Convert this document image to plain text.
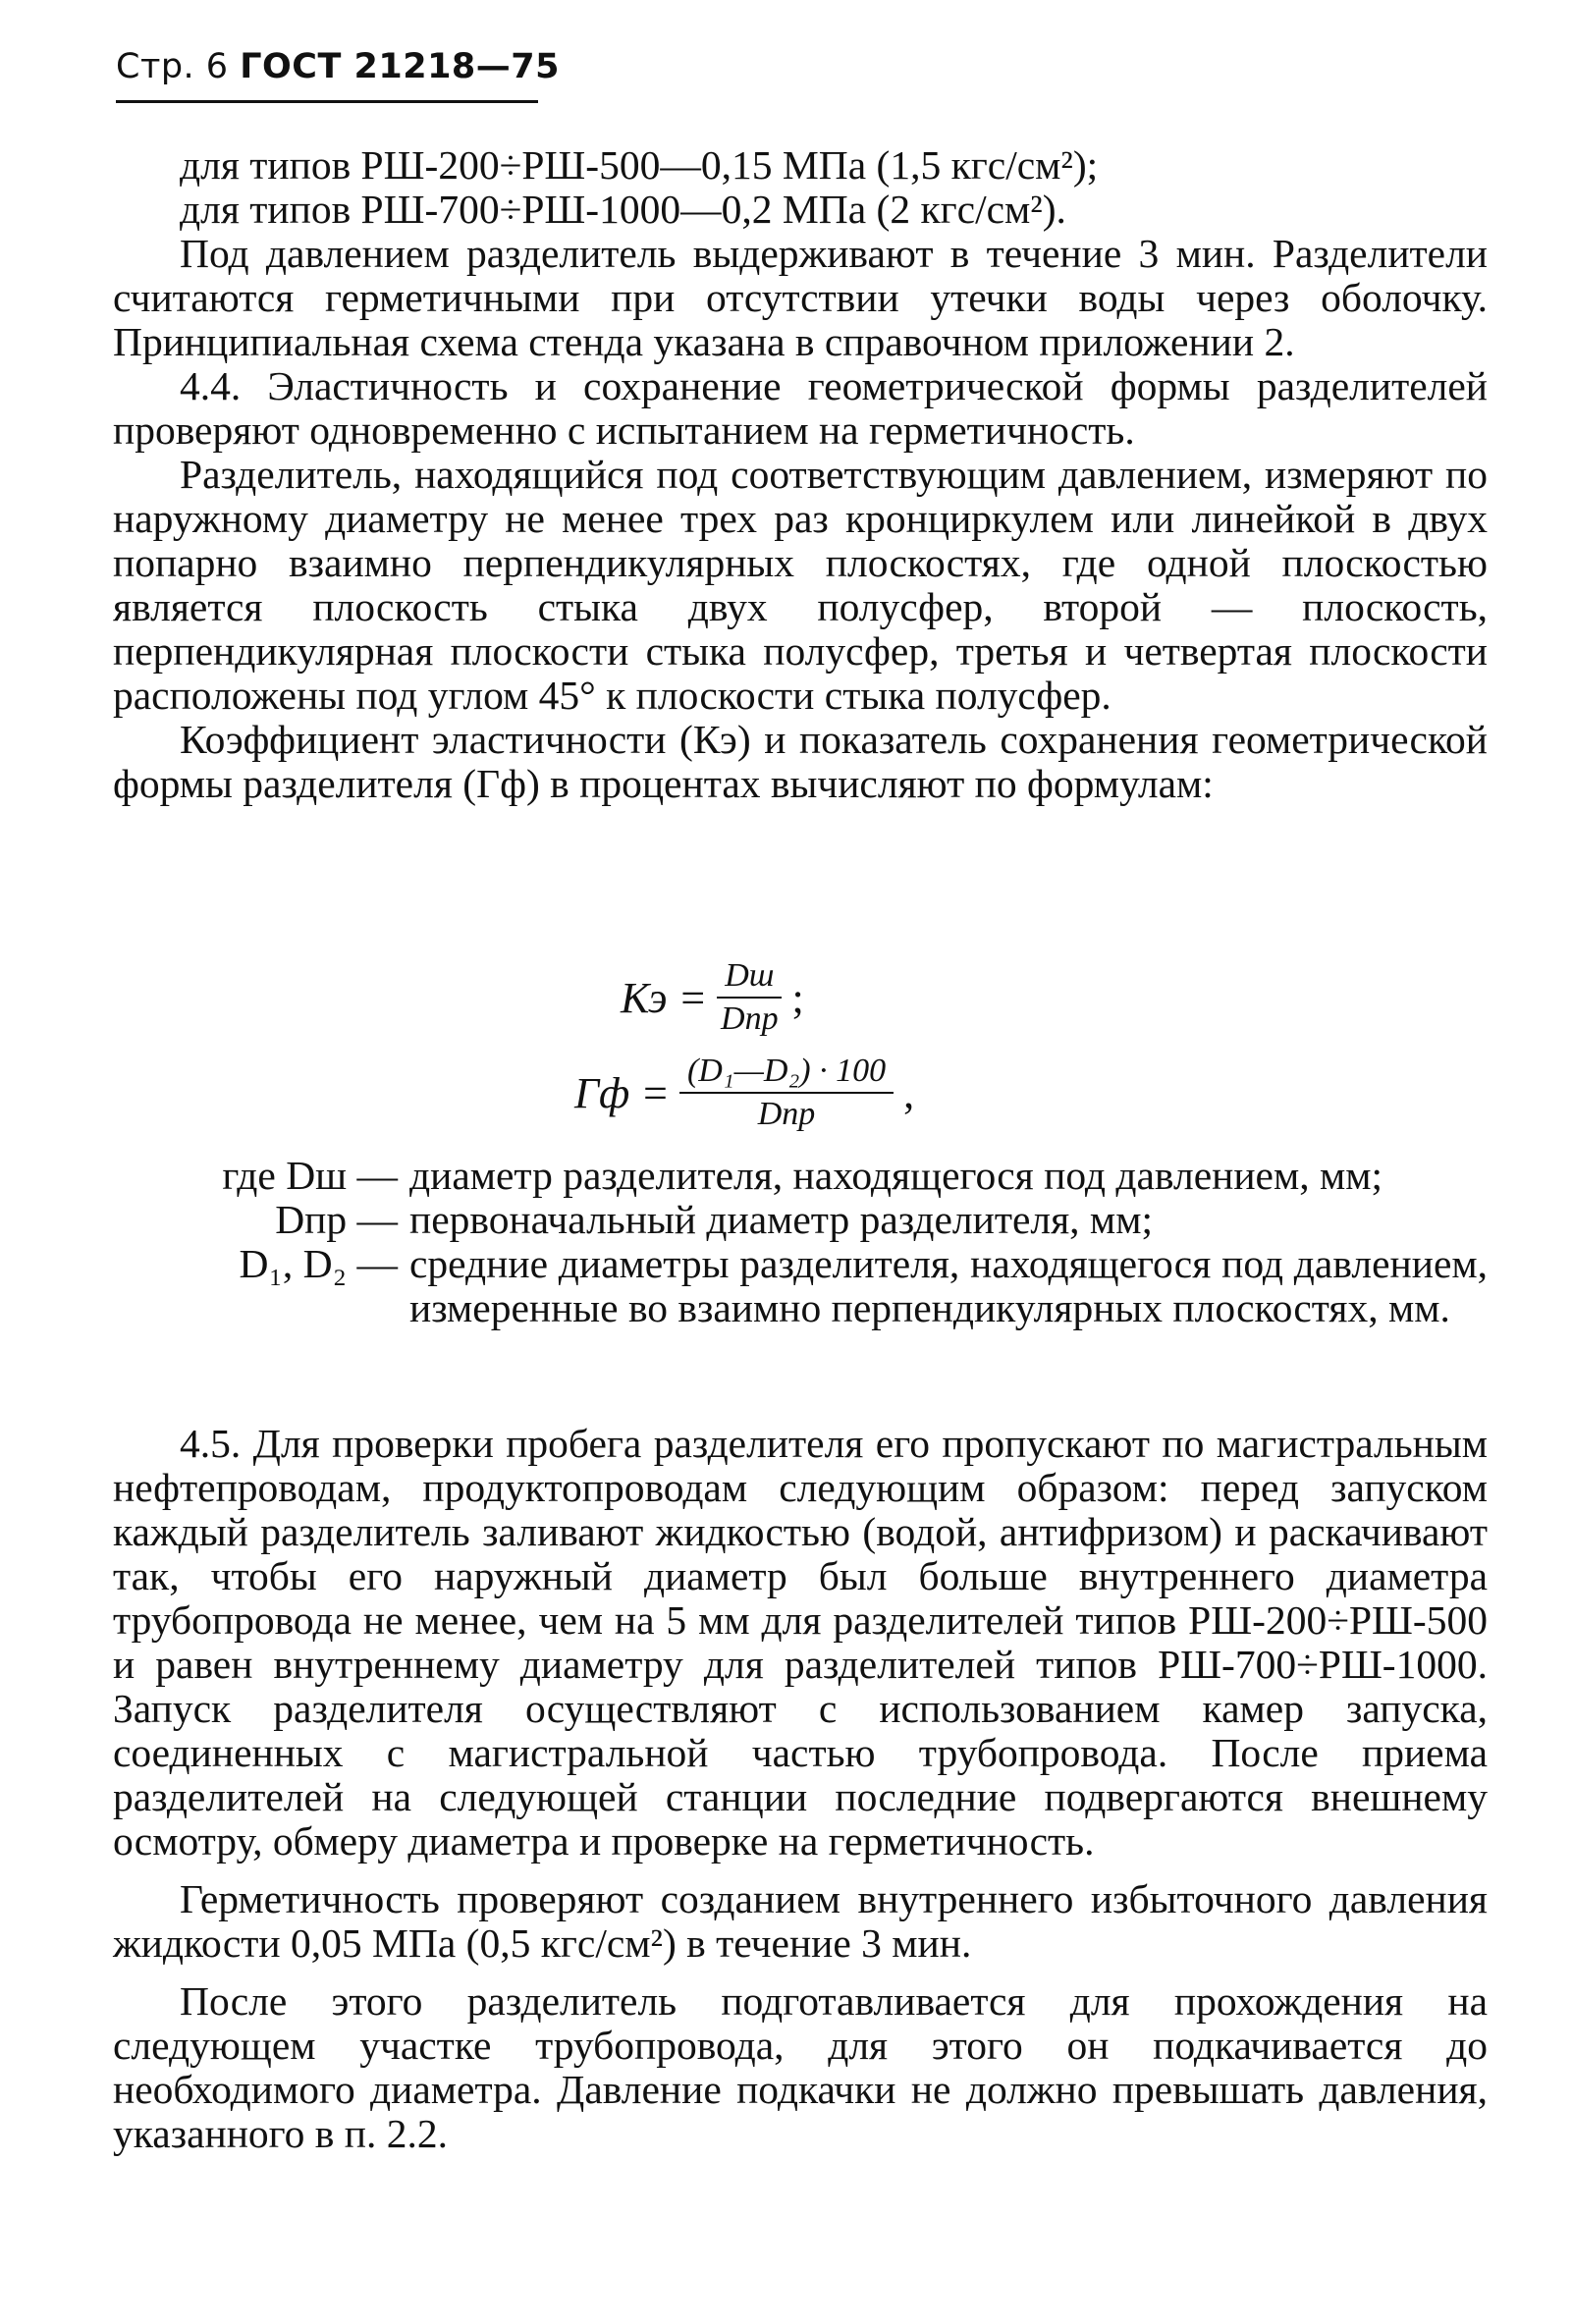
Стр. 6 ГОСТ 21218—75

для типов РШ-200÷РШ-500—0,15 МПа (1,5 кгс/см²);

для типов РШ-700÷РШ-1000—0,2 МПа (2 кгс/см²).

Под давлением разделитель выдерживают в течение 3 мин. Разделители считаются герметичными при отсутствии утечки воды через оболочку. Принципиальная схема стенда указана в справочном приложении 2.

4.4. Эластичность и сохранение геометрической формы разделителей проверяют одновременно с испытанием на герметичность.

Разделитель, находящийся под соответствующим давлением, измеряют по наружному диаметру не менее трех раз кронциркулем или линейкой в двух попарно взаимно перпендикулярных плоскостях, где одной плоскостью является плоскость стыка двух полусфер, второй — плоскость, перпендикулярная плоскости стыка полусфер, третья и четвертая плоскости расположены под углом 45° к плоскости стыка полусфер.

Коэффициент эластичности (Кэ) и показатель сохранения геометрической формы разделителя (Гф) в процентах вычисляют по формулам:

Кэ = $\frac{Dш}{\text{Dпр}}$ ;
Гф = $\frac{\text{(D₁—D₂) · 100}}{\text{Dпр}}$ ,
где Dш — диаметр разделителя, находящегося под давлением, мм;
Dпр — первоначальный диаметр разделителя, мм;
D₁, D₂ — средние диаметры разделителя, находящегося под давлением, измеренные во взаимно перпендикулярных плоскостях, мм.

4.5. Для проверки пробега разделителя его пропускают по магистральным нефтепроводам, продуктопроводам следующим образом: перед запуском каждый разделитель заливают жидкостью (водой, антифризом) и раскачивают так, чтобы его наружный диаметр был больше внутреннего диаметра трубопровода не менее, чем на 5 мм для разделителей типов РШ-200÷РШ-500 и равен внутреннему диаметру для разделителей типов РШ-700÷РШ-1000. Запуск разделителя осуществляют с использованием камер запуска, соединенных с магистральной частью трубопровода. После приема разделителей на следующей станции последние подвергаются внешнему осмотру, обмеру диаметра и проверке на герметичность.

Герметичность проверяют созданием внутреннего избыточного давления жидкости 0,05 МПа (0,5 кгс/см²) в течение 3 мин.

После этого разделитель подготавливается для прохождения на следующем участке трубопровода, для этого он подкачивается до необходимого диаметра. Давление подкачки не должно превышать давления, указанного в п. 2.2.
